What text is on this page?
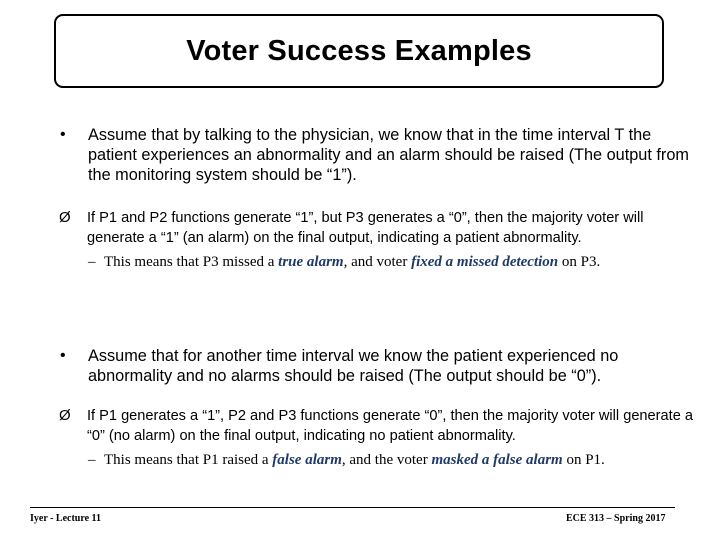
Voter Success Examples
•	Assume that by talking to the physician, we know that in the time interval T the patient experiences an abnormality and an alarm should be raised (The output from the monitoring system should be “1”).
Ø	If P1 and P2 functions generate “1”, but P3 generates a “0”, then the majority voter will generate a “1” (an alarm) on the final output, indicating a patient abnormality.
– This means that P3 missed a true alarm, and voter fixed a missed detection on P3.
•	Assume that for another time interval we know the patient experienced no abnormality and no alarms should be raised (The output should be “0”).
Ø	If P1 generates a “1”, P2 and P3 functions generate “0”, then the majority voter will generate a “0” (no alarm) on the final output, indicating no patient abnormality.
– This means that P1 raised a false alarm, and the voter masked a false alarm on P1.
Iyer - Lecture 11	ECE 313 – Spring 2017
